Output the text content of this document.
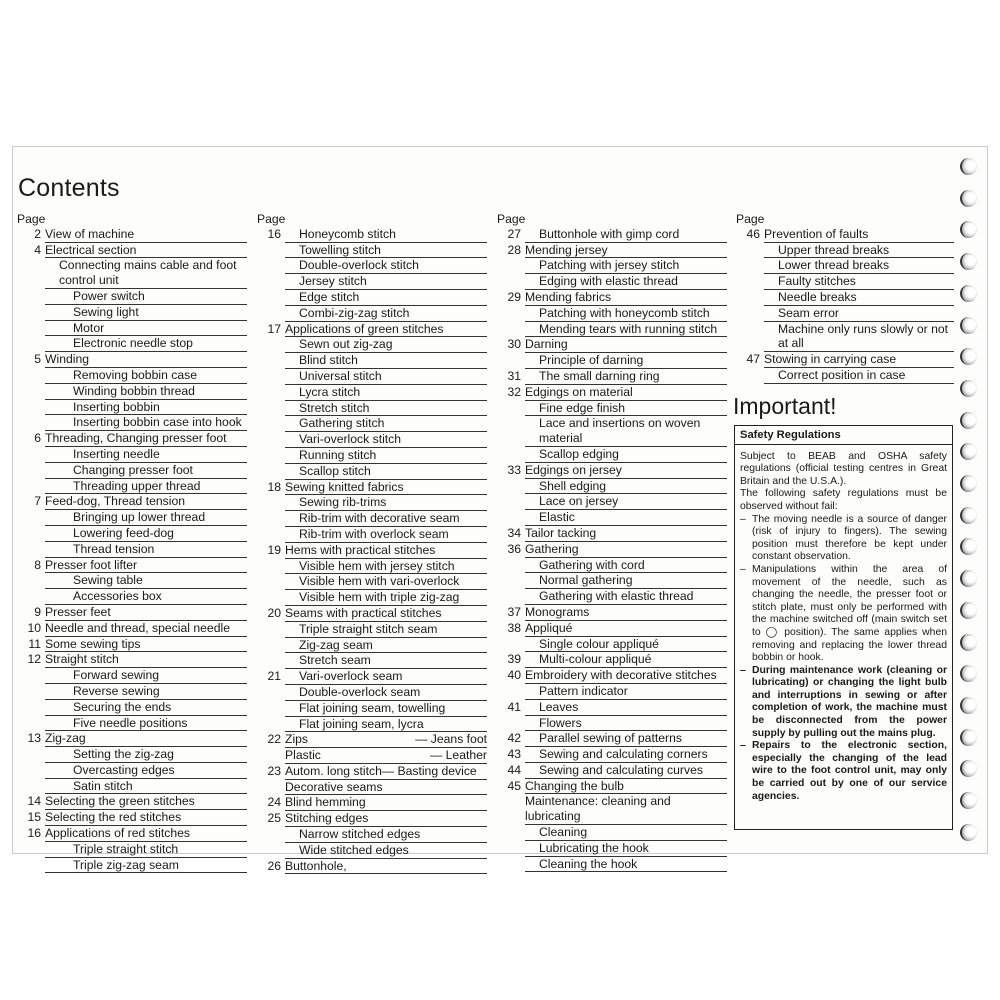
Contents
Page
2 View of machine
4 Electrical section
Connecting mains cable and foot control unit
Power switch
Sewing light
Motor
Electronic needle stop
5 Winding
Removing bobbin case
Winding bobbin thread
Inserting bobbin
Inserting bobbin case into hook
6 Threading, Changing presser foot
Inserting needle
Changing presser foot
Threading upper thread
7 Feed-dog, Thread tension
Bringing up lower thread
Lowering feed-dog
Thread tension
8 Presser foot lifter
Sewing table
Accessories box
9 Presser feet
10 Needle and thread, special needle
11 Some sewing tips
12 Straight stitch
Forward sewing
Reverse sewing
Securing the ends
Five needle positions
13 Zig-zag
Setting the zig-zag
Overcasting edges
Satin stitch
14 Selecting the green stitches
15 Selecting the red stitches
16 Applications of red stitches
Triple straight stitch
Triple zig-zag seam
Page
16	Honeycomb stitch
Towelling stitch
Double-overlock stitch
Jersey stitch
Edge stitch
Combi-zig-zag stitch
17 Applications of green stitches
Sewn out zig-zag
Blind stitch
Universal stitch
Lycra stitch
Stretch stitch
Gathering stitch
Vari-overlock stitch
Running stitch
Scallop stitch
18 Sewing knitted fabrics
Sewing rib-trims
Rib-trim with decorative seam
Rib-trim with overlock seam
19 Hems with practical stitches
Visible hem with jersey stitch
Visible hem with vari-overlock
Visible hem with triple zig-zag
20 Seams with practical stitches
Triple straight stitch seam
Zig-zag seam
Stretch seam
21	Vari-overlock seam
Double-overlock seam
Flat joining seam, towelling
Flat joining seam, lycra
22 Zips	— Jeans foot
Plastic	— Leather
23 Autom. long stitch— Basting device
Decorative seams
24 Blind hemming
25 Stitching edges
Narrow stitched edges
Wide stitched edges
26 Buttonhole,
Page
27	Buttonhole with gimp cord
28 Mending jersey
Patching with jersey stitch
Edging with elastic thread
29 Mending fabrics
Patching with honeycomb stitch
Mending tears with running stitch
30 Darning
Principle of darning
31	The small darning ring
32 Edgings on material
Fine edge finish
Lace and insertions on woven material
Scallop edging
33 Edgings on jersey
Shell edging
Lace on jersey
Elastic
34 Tailor tacking
36 Gathering
Gathering with cord
Normal gathering
Gathering with elastic thread
37 Monograms
38 Appliqué
Single colour appliqué
39	Multi-colour appliqué
40 Embroidery with decorative stitches
Pattern indicator
41	Leaves
Flowers
42	Parallel sewing of patterns
43	Sewing and calculating corners
44	Sewing and calculating curves
45 Changing the bulb
Maintenance: cleaning and lubricating
Cleaning
Lubricating the hook
Cleaning the hook
Page
46 Prevention of faults
Upper thread breaks
Lower thread breaks
Faulty stitches
Needle breaks
Seam error
Machine only runs slowly or not at all
47 Stowing in carrying case
Correct position in case
Important!
Safety Regulations

Subject to BEAB and OSHA safety regulations (official testing centres in Great Britain and the U.S.A.).

The following safety regulations must be observed without fail:

– The moving needle is a source of danger (risk of injury to fingers). The sewing position must therefore be kept under constant observation.
– Manipulations within the area of movement of the needle, such as changing the needle, the presser foot or stitch plate, must only be performed with the machine switched off (main switch set to ◯ position). The same applies when removing and replacing the lower thread bobbin or hook.
– During maintenance work (cleaning or lubricating) or changing the light bulb and interruptions in sewing or after completion of work, the machine must be disconnected from the power supply by pulling out the mains plug.
– Repairs to the electronic section, especially the changing of the lead wire to the foot control unit, may only be carried out by one of our service agencies.
